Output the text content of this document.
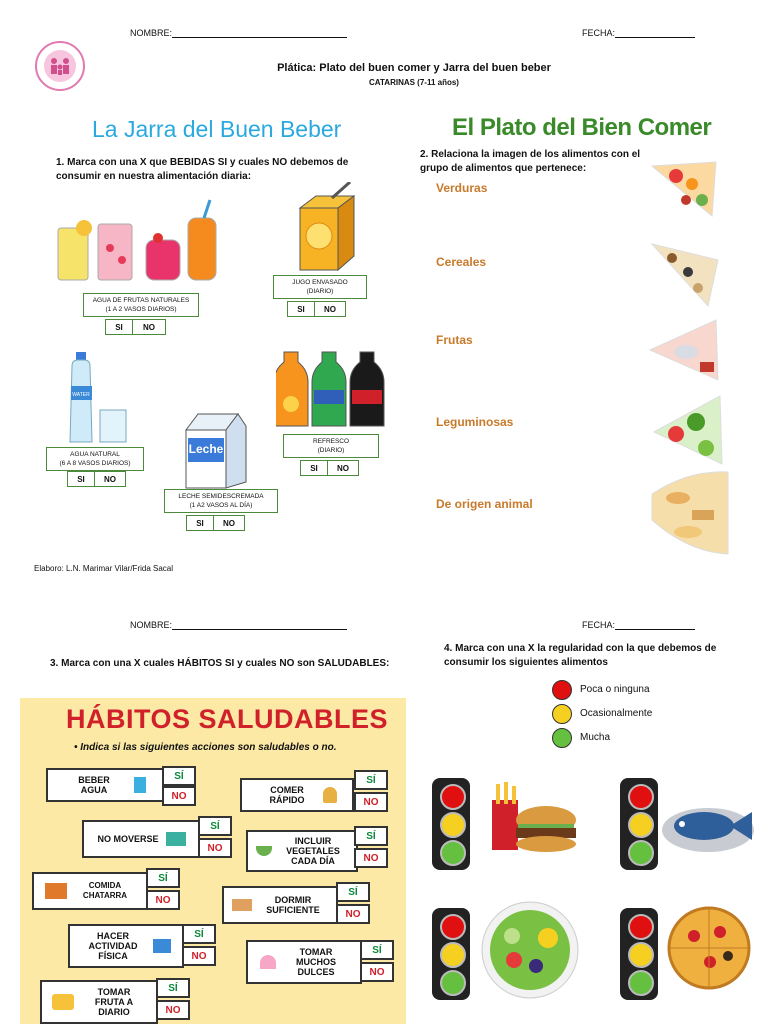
NOMBRE:	FECHA:
Plática: Plato del buen comer y Jarra del buen beber
CATARINAS (7-11 años)
La Jarra del Buen Beber
1. Marca con una X que BEBIDAS SI y cuales NO debemos de consumir en nuestra alimentación diaria:
AGUA DE FRUTAS NATURALES
(1 A 2 VASOS DIARIOS)
SI	NO
JUGO ENVASADO
(DIARIO)
SI	NO
WATER
AGUA NATURAL
(6 A 8 VASOS DIARIOS)
SI	NO
REFRESCO
(DIARIO)
SI	NO
Leche
LECHE SEMIDESCREMADA
(1 A2 VASOS AL DÍA)
SI	NO
El Plato del Bien Comer
2. Relaciona la imagen de los alimentos con el grupo de alimentos que pertenece:
Verduras
Cereales
Frutas
Leguminosas
De origen animal
Elaboro: L.N. Marimar Vilar/Frida Sacal
NOMBRE:	FECHA:
3. Marca con una X cuales HÁBITOS SI y cuales NO son SALUDABLES:
4. Marca con una X la regularidad con la que debemos de consumir los siguientes alimentos
HÁBITOS SALUDABLES
• Indica si las siguientes acciones son saludables o no.
BEBER AGUA
SÍ
NO
COMER RÁPIDO
SÍ
NO
NO MOVERSE
SÍ
NO
INCLUIR VEGETALES CADA DÍA
SÍ
NO
COMIDA CHATARRA
SÍ
NO	DORMIR SUFICIENTE
SÍ
NO
HACER ACTIVIDAD FÍSICA
SÍ
NO	TOMAR MUCHOS DULCES
SÍ
NO
TOMAR FRUTA A DIARIO
SÍ
NO
Poca o ninguna
Ocasionalmente
Mucha
